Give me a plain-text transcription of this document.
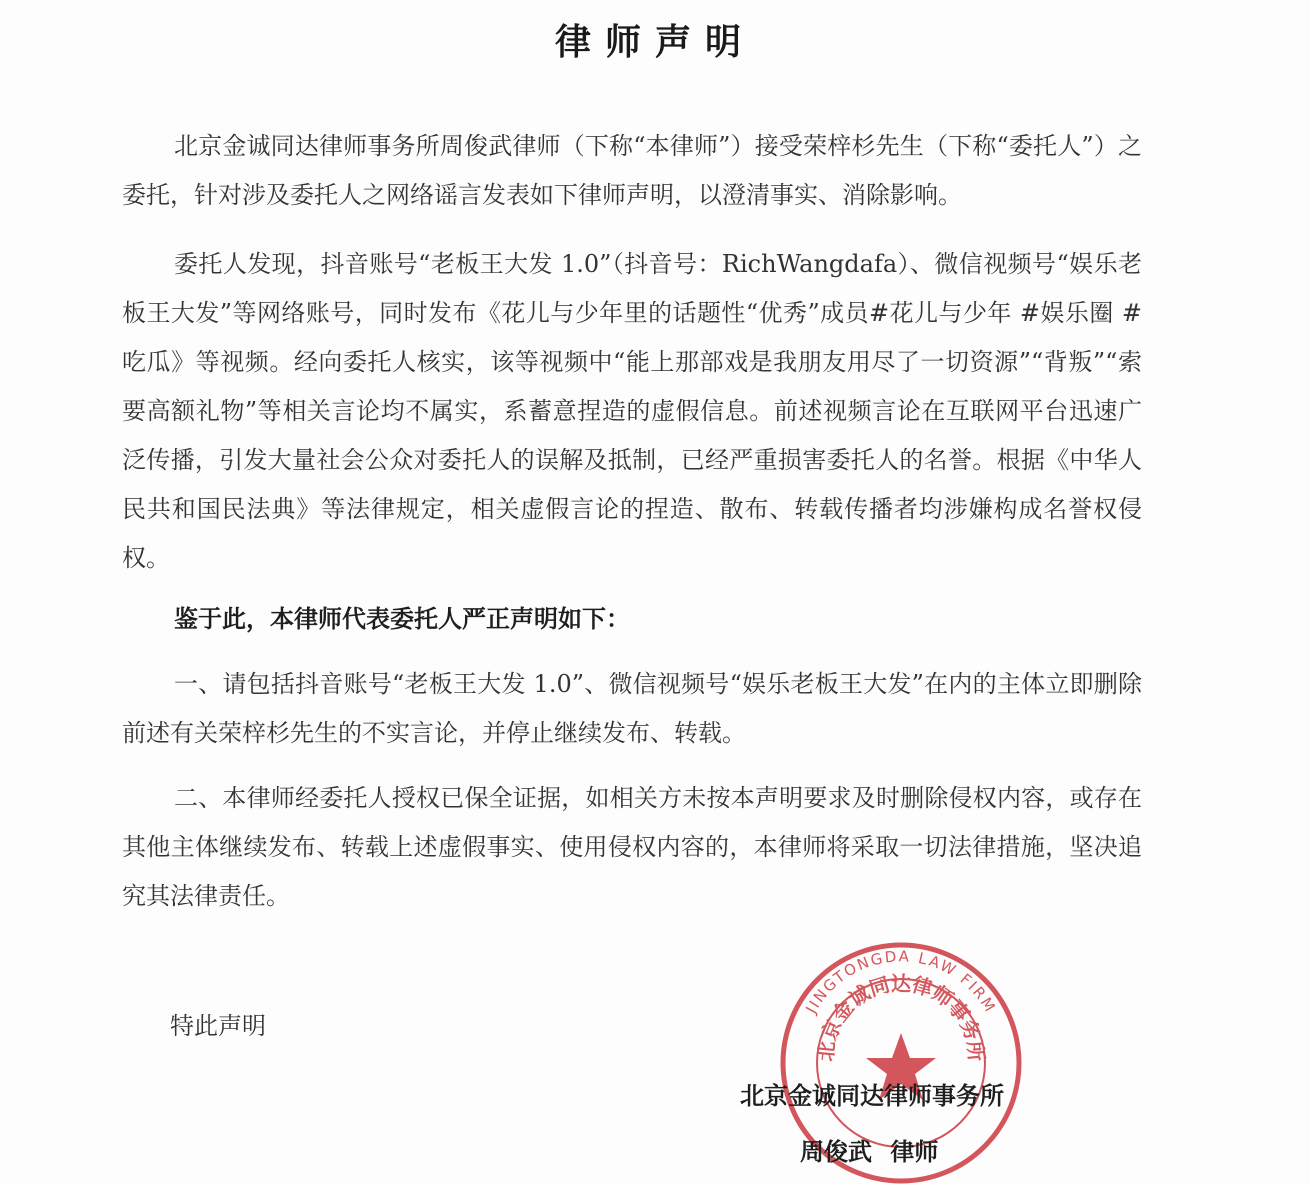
律师声明
北京金诚同达律师事务所周俊武律师（下称“本律师”）接受荣梓杉先生（下称“委托人”）之委托，针对涉及委托人之网络谣言发表如下律师声明，以澄清事实、消除影响。
委托人发现，抖音账号“老板王大发 1.0”（抖音号：RichWangdafa）、微信视频号“娱乐老板王大发”等网络账号，同时发布《花儿与少年里的话题性“优秀”成员#花儿与少年 #娱乐圈 #吃瓜》等视频。经向委托人核实，该等视频中“能上那部戏是我朋友用尽了一切资源”“背叛”“索要高额礼物”等相关言论均不属实，系蓄意捏造的虚假信息。前述视频言论在互联网平台迅速广泛传播，引发大量社会公众对委托人的误解及抵制，已经严重损害委托人的名誉。根据《中华人民共和国民法典》等法律规定，相关虚假言论的捏造、散布、转载传播者均涉嫌构成名誉权侵权。
鉴于此，本律师代表委托人严正声明如下：
一、请包括抖音账号“老板王大发 1.0”、微信视频号“娱乐老板王大发”在内的主体立即删除前述有关荣梓杉先生的不实言论，并停止继续发布、转载。
二、本律师经委托人授权已保全证据，如相关方未按本声明要求及时删除侵权内容，或存在其他主体继续发布、转载上述虚假事实、使用侵权内容的，本律师将采取一切法律措施，坚决追究其法律责任。
特此声明
JINGTONGDA LAW FIRM
北京金诚同达律师事务所
北京金诚同达律师事务所
周俊武 律师
